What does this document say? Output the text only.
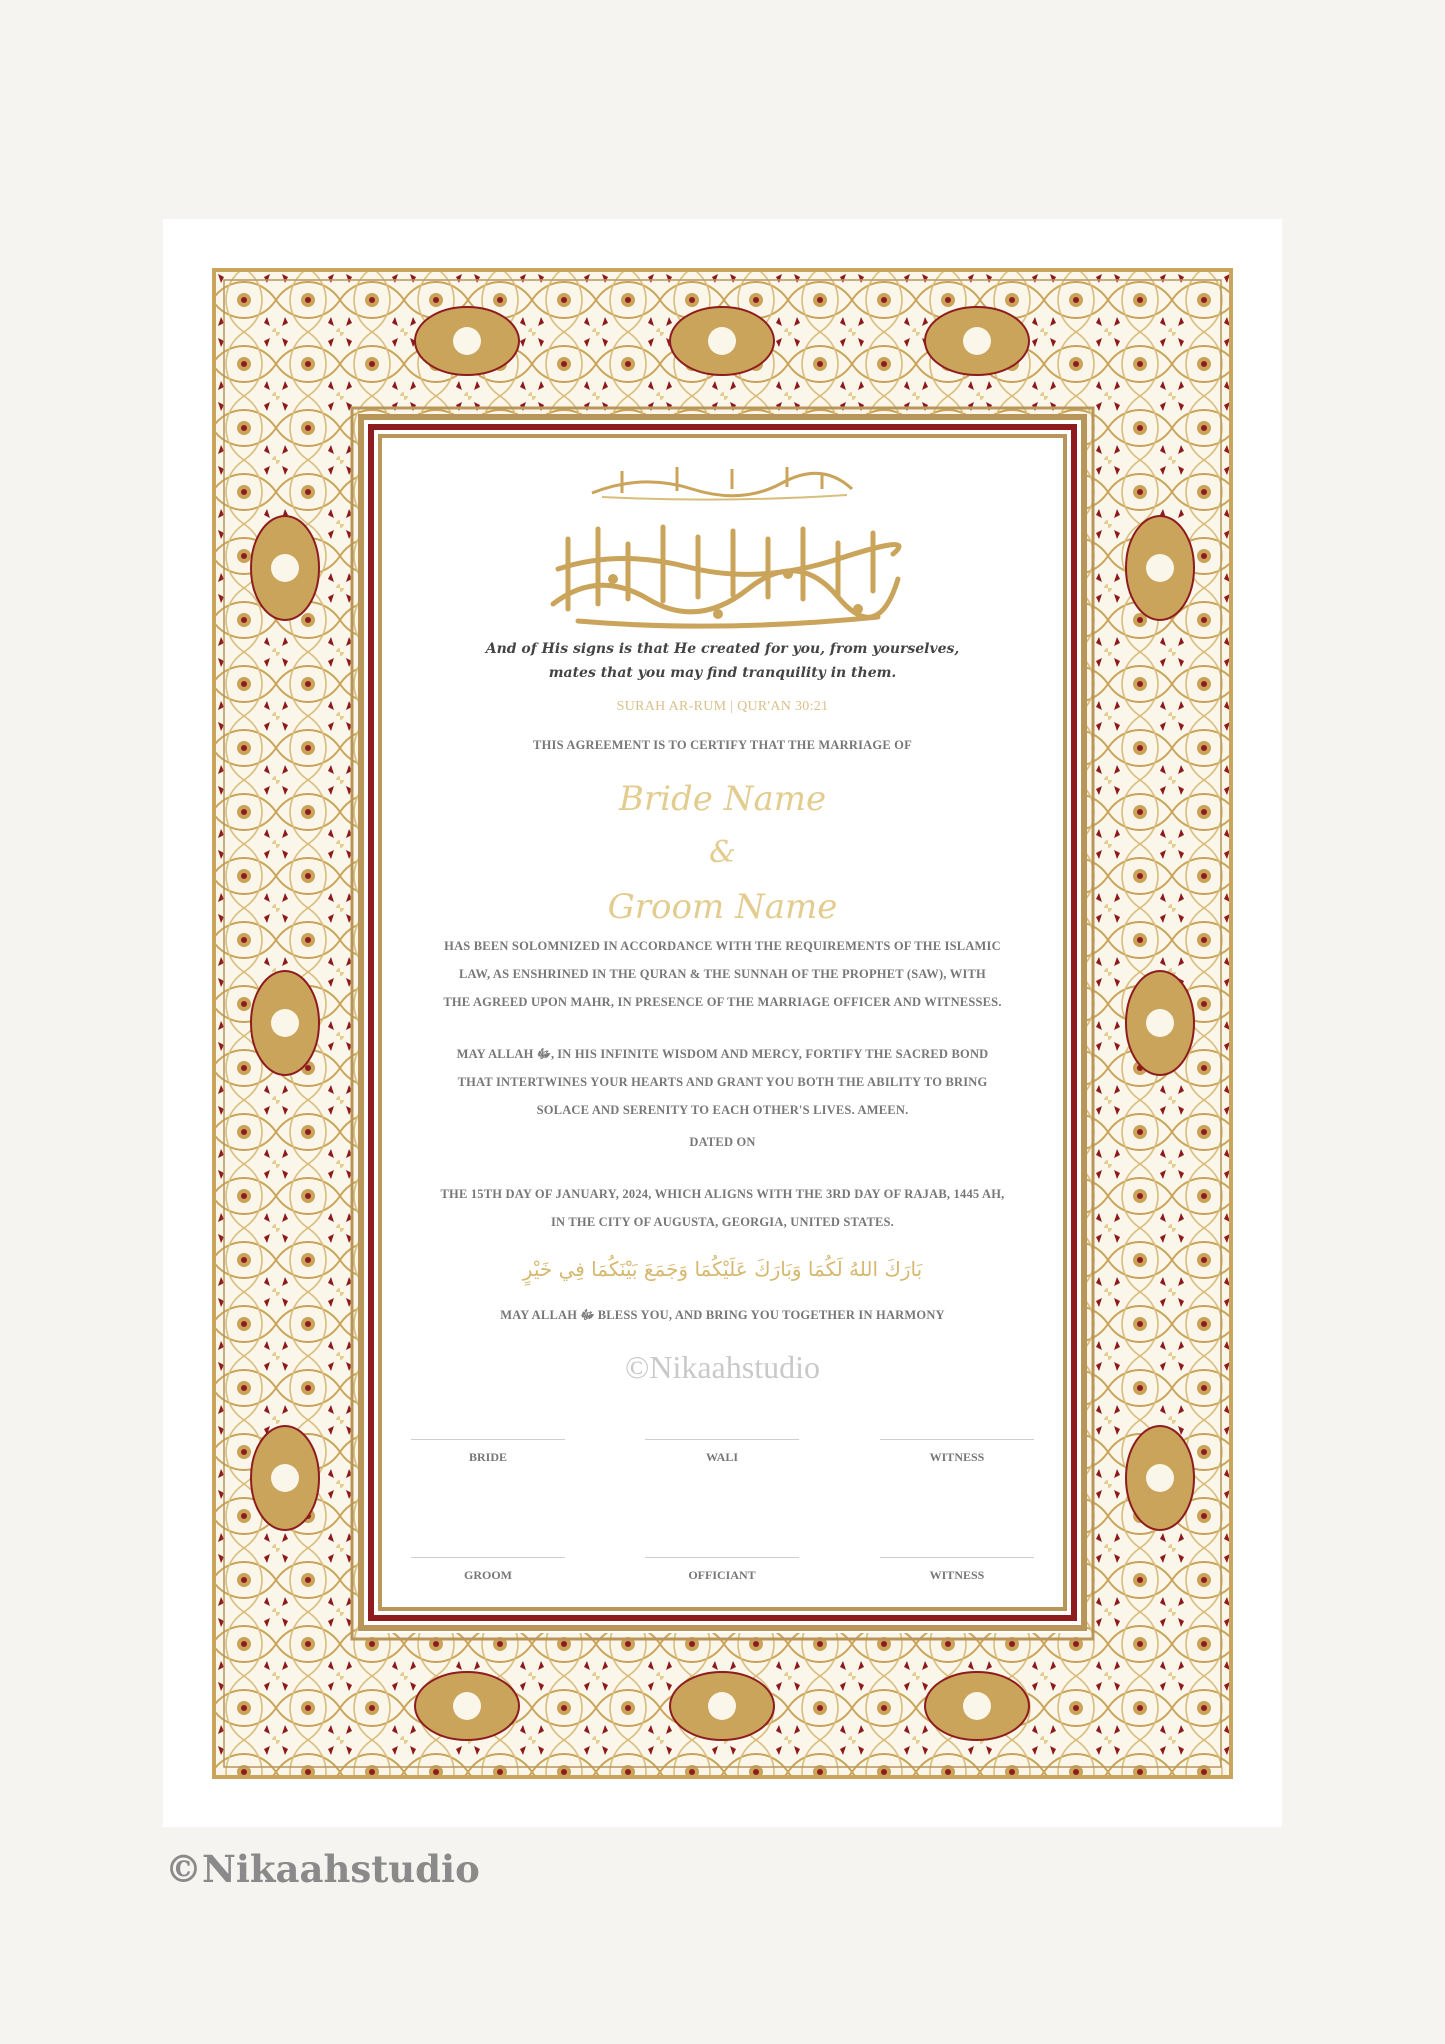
And of His signs is that He created for you, from yourselves,
mates that you may find tranquility in them.
SURAH AR-RUM | QUR'AN 30:21
THIS AGREEMENT IS TO CERTIFY THAT THE MARRIAGE OF
Bride Name
&
Groom Name
HAS BEEN SOLOMNIZED IN ACCORDANCE WITH THE REQUIREMENTS OF THE ISLAMIC
LAW, AS ENSHRINED IN THE QURAN & THE SUNNAH OF THE PROPHET (SAW), WITH
THE AGREED UPON MAHR, IN PRESENCE OF THE MARRIAGE OFFICER AND WITNESSES.
MAY ALLAH ﷻ, IN HIS INFINITE WISDOM AND MERCY, FORTIFY THE SACRED BOND
THAT INTERTWINES YOUR HEARTS AND GRANT YOU BOTH THE ABILITY TO BRING
SOLACE AND SERENITY TO EACH OTHER'S LIVES. AMEEN.
DATED ON
THE 15TH DAY OF JANUARY, 2024, WHICH ALIGNS WITH THE 3RD DAY OF RAJAB, 1445 AH,
IN THE CITY OF AUGUSTA, GEORGIA, UNITED STATES.
بَارَكَ اللهُ لَكُمَا وَبَارَكَ عَلَيْكُمَا وَجَمَعَ بَيْنَكُمَا فِي خَيْرٍ
MAY ALLAH ﷻ BLESS YOU, AND BRING YOU TOGETHER IN HARMONY
©Nikaahstudio
BRIDE	WALI	WITNESS
GROOM	OFFICIANT	WITNESS
©Nikaahstudio
